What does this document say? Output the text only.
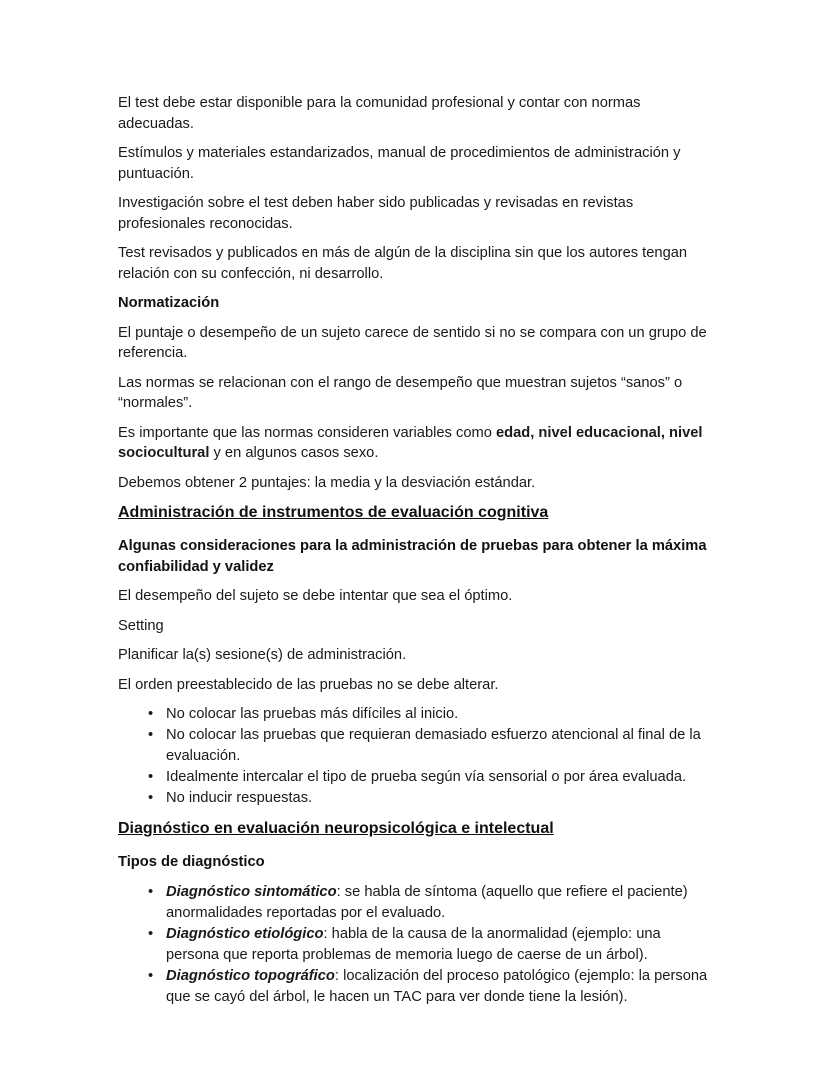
El test debe estar disponible para la comunidad profesional y contar con normas adecuadas.

Estímulos y materiales estandarizados, manual de procedimientos de administración y puntuación.

Investigación sobre el test deben haber sido publicadas y revisadas en revistas profesionales reconocidas.

Test revisados y publicados en más de algún de la disciplina sin que los autores tengan relación con su confección, ni desarrollo.

Normatización

El puntaje o desempeño de un sujeto carece de sentido si no se compara con un grupo de referencia.

Las normas se relacionan con el rango de desempeño que muestran sujetos “sanos” o “normales”.

Es importante que las normas consideren variables como edad, nivel educacional, nivel sociocultural y en algunos casos sexo.

Debemos obtener 2 puntajes: la media y la desviación estándar.

Administración de instrumentos de evaluación cognitiva

Algunas consideraciones para la administración de pruebas para obtener la máxima confiabilidad y validez

El desempeño del sujeto se debe intentar que sea el óptimo.

Setting

Planificar la(s) sesione(s) de administración.

El orden preestablecido de las pruebas no se debe alterar.

• No colocar las pruebas más difíciles al inicio.
• No colocar las pruebas que requieran demasiado esfuerzo atencional al final de la evaluación.
• Idealmente intercalar el tipo de prueba según vía sensorial o por área evaluada.
• No inducir respuestas.
Diagnóstico en evaluación neuropsicológica e intelectual

Tipos de diagnóstico

• Diagnóstico sintomático: se habla de síntoma (aquello que refiere el paciente) anormalidades reportadas por el evaluado.
• Diagnóstico etiológico: habla de la causa de la anormalidad (ejemplo: una persona que reporta problemas de memoria luego de caerse de un árbol).
• Diagnóstico topográfico: localización del proceso patológico (ejemplo: la persona que se cayó del árbol, le hacen un TAC para ver donde tiene la lesión).
